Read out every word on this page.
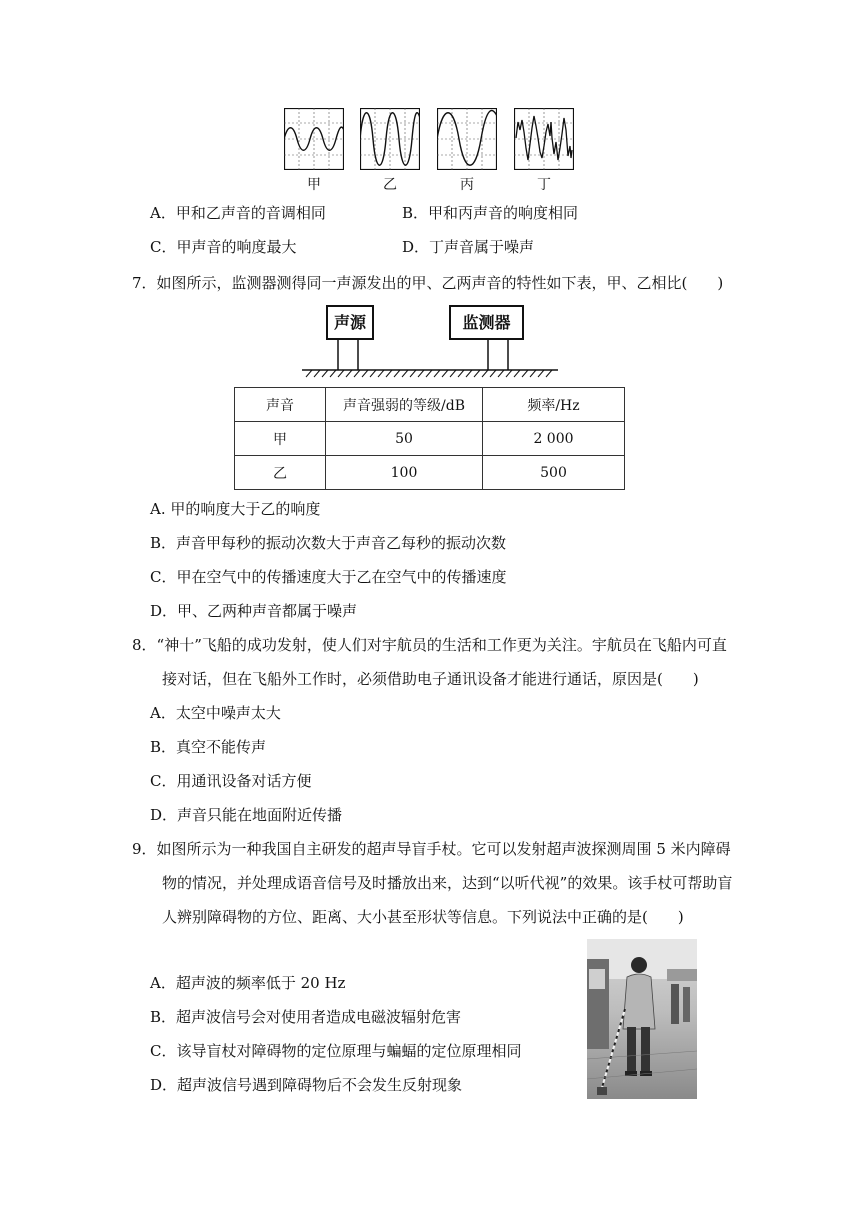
甲	乙	丙	丁
A．甲和乙声音的音调相同	B．甲和丙声音的响度相同
C．甲声音的响度最大	D．丁声音属于噪声
7．如图所示，监测器测得同一声源发出的甲、乙两声音的特性如下表，甲、乙相比(　　)
声源	监测器
声音	声音强弱的等级/dB	频率/Hz
甲	50	2 000
乙	100	500
A. 甲的响度大于乙的响度
B．声音甲每秒的振动次数大于声音乙每秒的振动次数
C．甲在空气中的传播速度大于乙在空气中的传播速度
D．甲、乙两种声音都属于噪声
8．“神十”飞船的成功发射，使人们对宇航员的生活和工作更为关注。宇航员在飞船内可直
接对话，但在飞船外工作时，必须借助电子通讯设备才能进行通话，原因是(　　)
A．太空中噪声太大
B．真空不能传声
C．用通讯设备对话方便
D．声音只能在地面附近传播
9．如图所示为一种我国自主研发的超声导盲手杖。它可以发射超声波探测周围 5 米内障碍
物的情况，并处理成语音信号及时播放出来，达到“以听代视”的效果。该手杖可帮助盲
人辨别障碍物的方位、距离、大小甚至形状等信息。下列说法中正确的是(　　)
A．超声波的频率低于 20 Hz
B．超声波信号会对使用者造成电磁波辐射危害
C．该导盲杖对障碍物的定位原理与蝙蝠的定位原理相同
D．超声波信号遇到障碍物后不会发生反射现象
